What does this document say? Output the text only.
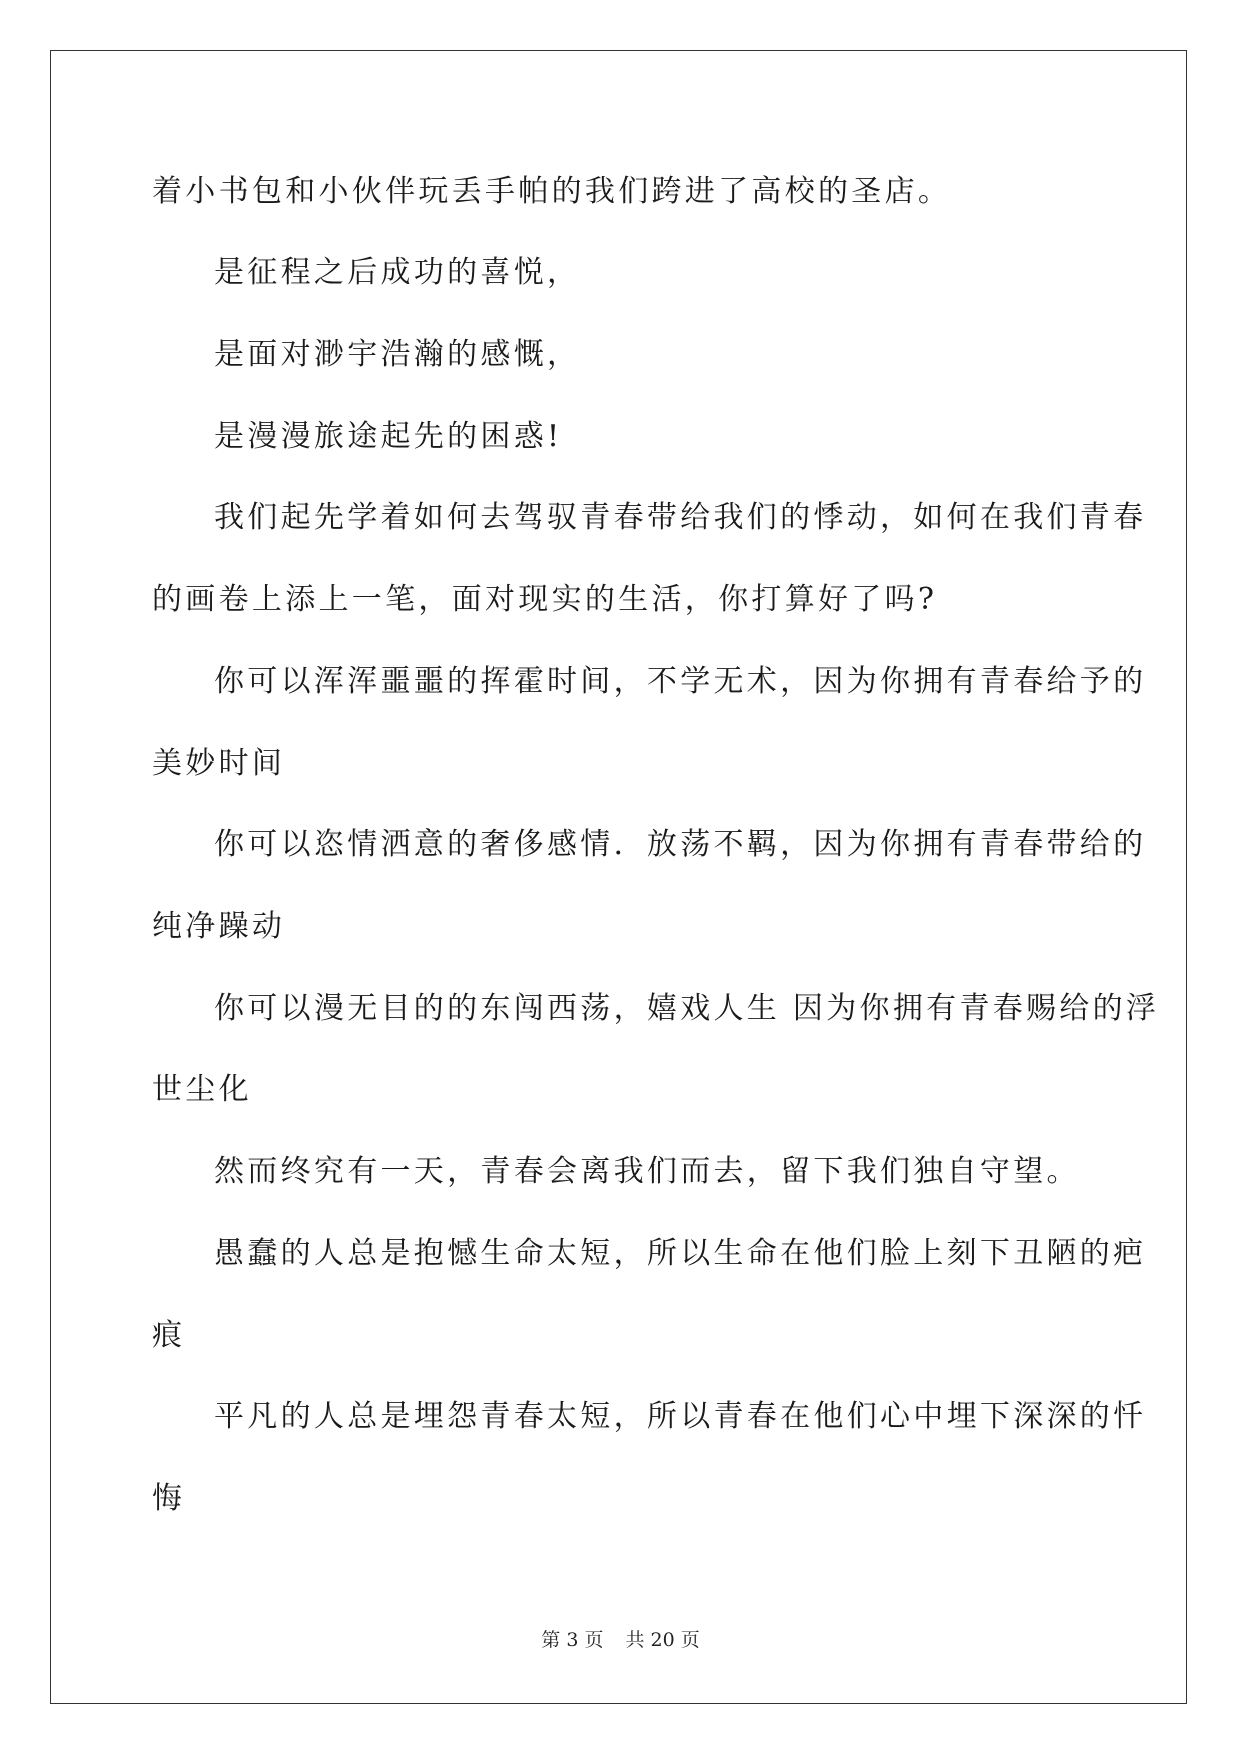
着小书包和小伙伴玩丢手帕的我们跨进了高校的圣店。
是征程之后成功的喜悦，
是面对渺宇浩瀚的感慨，
是漫漫旅途起先的困惑!
我们起先学着如何去驾驭青春带给我们的悸动，如何在我们青春
的画卷上添上一笔，面对现实的生活，你打算好了吗?
你可以浑浑噩噩的挥霍时间，不学无术，因为你拥有青春给予的
美妙时间
你可以恣情洒意的奢侈感情．放荡不羁，因为你拥有青春带给的
纯净躁动
你可以漫无目的的东闯西荡，嬉戏人生 因为你拥有青春赐给的浮
世尘化
然而终究有一天，青春会离我们而去，留下我们独自守望。
愚蠢的人总是抱憾生命太短，所以生命在他们脸上刻下丑陋的疤
痕
平凡的人总是埋怨青春太短，所以青春在他们心中埋下深深的忏
悔
第 3 页 共 20 页
